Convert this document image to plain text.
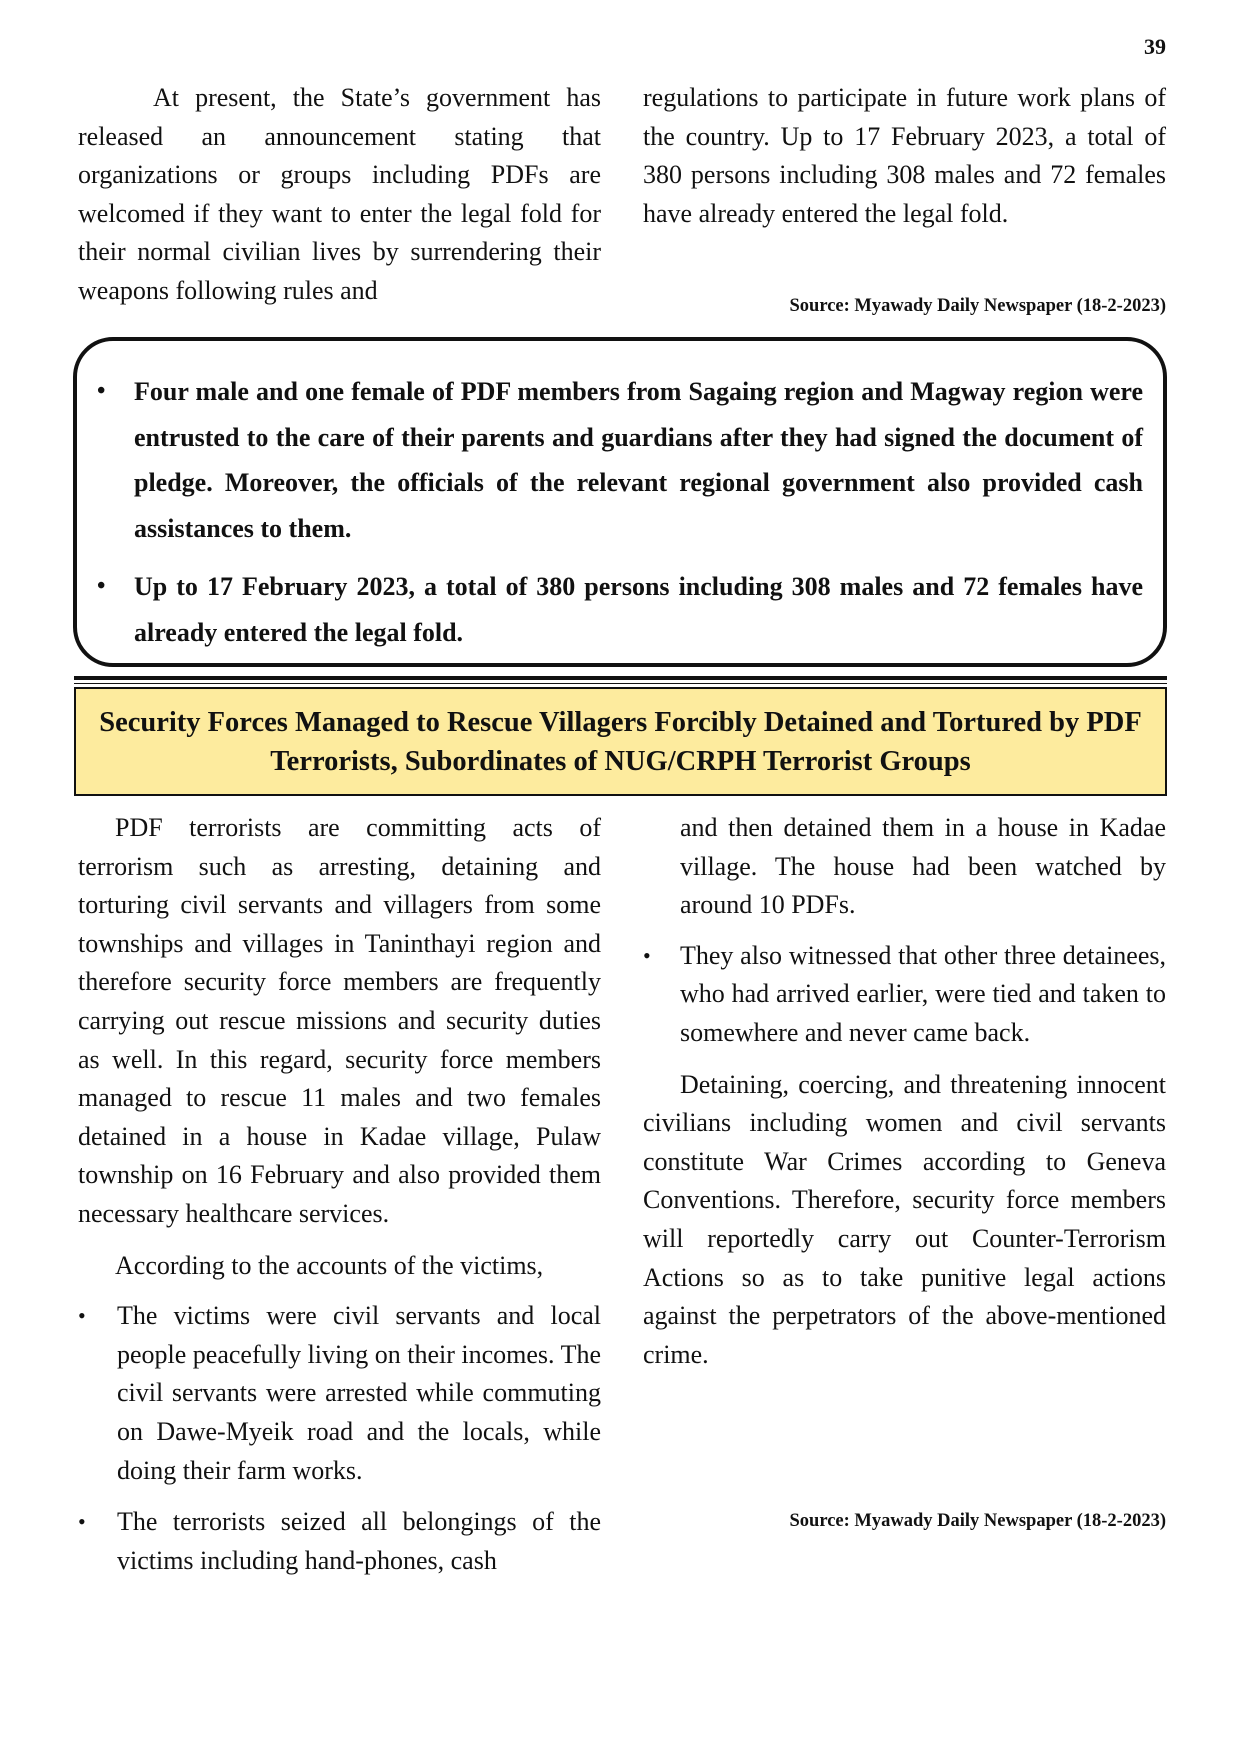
39

At present, the State’s government has released an announcement stating that organizations or groups including PDFs are welcomed if they want to enter the legal fold for their normal civilian lives by surrendering their weapons following rules and

regulations to participate in future work plans of the country. Up to 17 February 2023, a total of 380 persons including 308 males and 72 females have already entered the legal fold.

Source: Myawady Daily Newspaper (18-2-2023)
• Four male and one female of PDF members from Sagaing region and Magway region were entrusted to the care of their parents and guardians after they had signed the document of pledge. Moreover, the officials of the relevant regional government also provided cash assistances to them.
• Up to 17 February 2023, a total of 380 persons including 308 males and 72 females have already entered the legal fold.
Security Forces Managed to Rescue Villagers Forcibly Detained and Tortured by PDF Terrorists, Subordinates of NUG/CRPH Terrorist Groups

PDF terrorists are committing acts of terrorism such as arresting, detaining and torturing civil servants and villagers from some townships and villages in Taninthayi region and therefore security force members are frequently carrying out rescue missions and security duties as well. In this regard, security force members managed to rescue 11 males and two females detained in a house in Kadae village, Pulaw township on 16 February and also provided them necessary healthcare services.

According to the accounts of the victims,

• The victims were civil servants and local people peacefully living on their incomes. The civil servants were arrested while commuting on Dawe-Myeik road and the locals, while doing their farm works.
• The terrorists seized all belongings of the victims including hand-phones, cash

and then detained them in a house in Kadae village. The house had been watched by around 10 PDFs.

• They also witnessed that other three detainees, who had arrived earlier, were tied and taken to somewhere and never came back.

Detaining, coercing, and threatening innocent civilians including women and civil servants constitute War Crimes according to Geneva Conventions. Therefore, security force members will reportedly carry out Counter-Terrorism Actions so as to take punitive legal actions against the perpetrators of the above-mentioned crime.

Source: Myawady Daily Newspaper (18-2-2023)
